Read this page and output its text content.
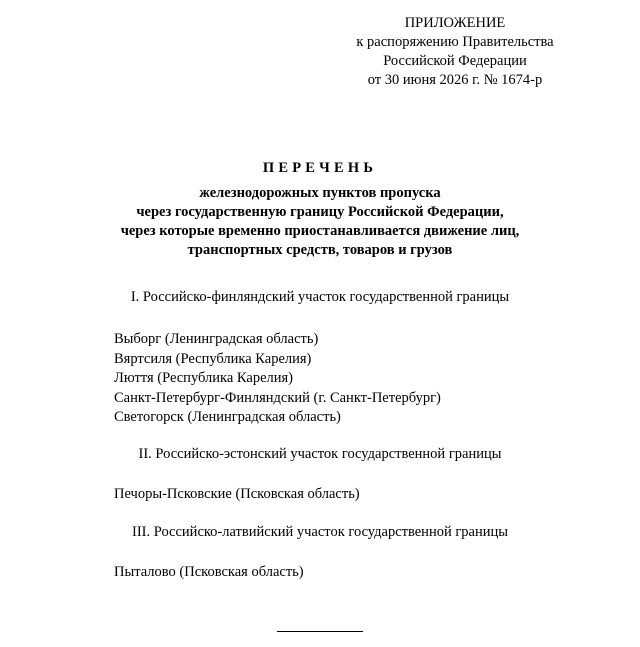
ПРИЛОЖЕНИЕ
к распоряжению Правительства
Российской Федерации
от 30 июня 2026 г. № 1674-р
ПЕРЕЧЕНЬ
железнодорожных пунктов пропуска
через государственную границу Российской Федерации,
через которые временно приостанавливается движение лиц,
транспортных средств, товаров и грузов
I. Российско-финляндский участок государственной границы
Выборг (Ленинградская область)
Вяртсиля (Республика Карелия)
Люття (Республика Карелия)
Санкт-Петербург-Финляндский (г. Санкт-Петербург)
Светогорск (Ленинградская область)
II. Российско-эстонский участок государственной границы
Печоры-Псковские (Псковская область)
III. Российско-латвийский участок государственной границы
Пыталово (Псковская область)
